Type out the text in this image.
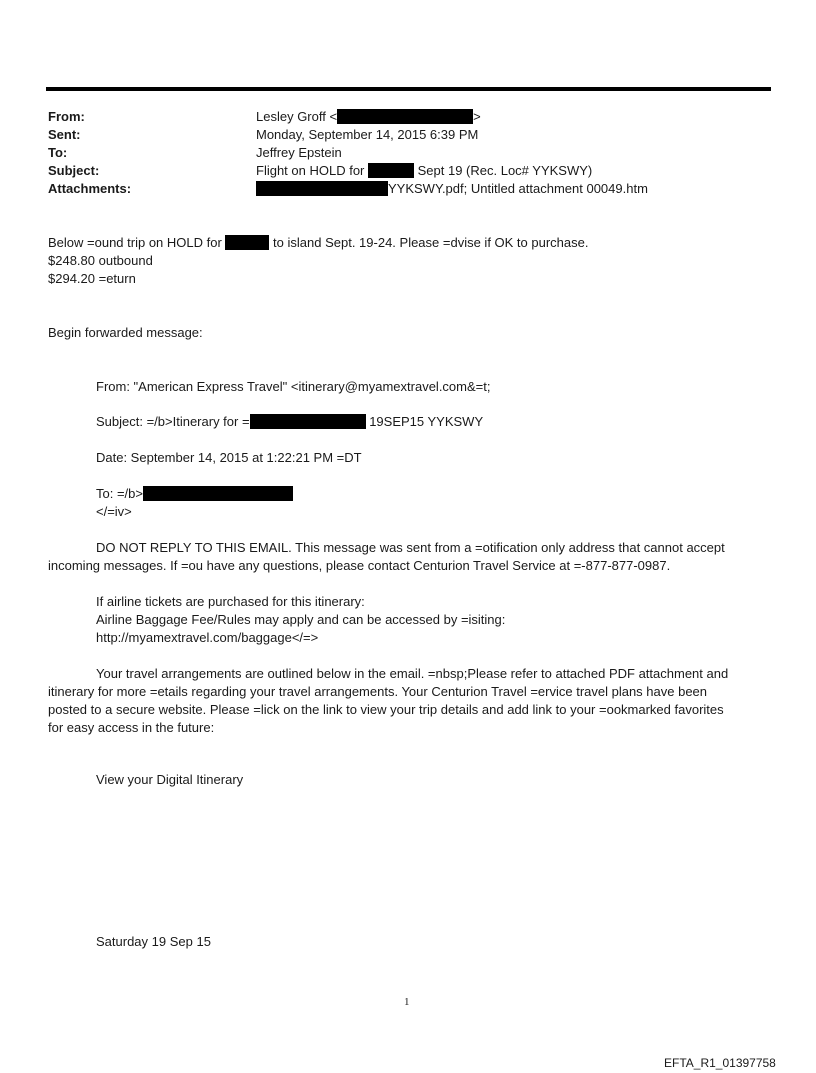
From:	Lesley Groff <	>
Sent:	Monday, September 14, 2015 6:39 PM
To:	Jeffrey Epstein
Subject:	Flight on HOLD for	Sept 19 (Rec. Loc# YYKSWY)
Attachments:	YYKSWY.pdf; Untitled attachment 00049.htm
Below =ound trip on HOLD for	to island Sept. 19-24. Please =dvise if OK to purchase.
$248.80 outbound
$294.20 =eturn
Begin forwarded message:
From: "American Express Travel" <itinerary@myamextravel.com&=t;
Subject: =/b>Itinerary for =	19SEP15 YYKSWY
Date: September 14, 2015 at 1:22:21 PM =DT
To: =/b>
</=iv>
DO NOT REPLY TO THIS EMAIL. This message was sent from a =otification only address that cannot accept
incoming messages. If =ou have any questions, please contact Centurion Travel Service at =-877-877-0987.
If airline tickets are purchased for this itinerary:
Airline Baggage Fee/Rules may apply and can be accessed by =isiting:
http://myamextravel.com/baggage</=>
Your travel arrangements are outlined below in the email. =nbsp;Please refer to attached PDF attachment and
itinerary for more =etails regarding your travel arrangements. Your Centurion Travel =ervice travel plans have been
posted to a secure website. Please =lick on the link to view your trip details and add link to your =ookmarked favorites
for easy access in the future:
View your Digital Itinerary
Saturday 19 Sep 15
1
EFTA_R1_01397758
